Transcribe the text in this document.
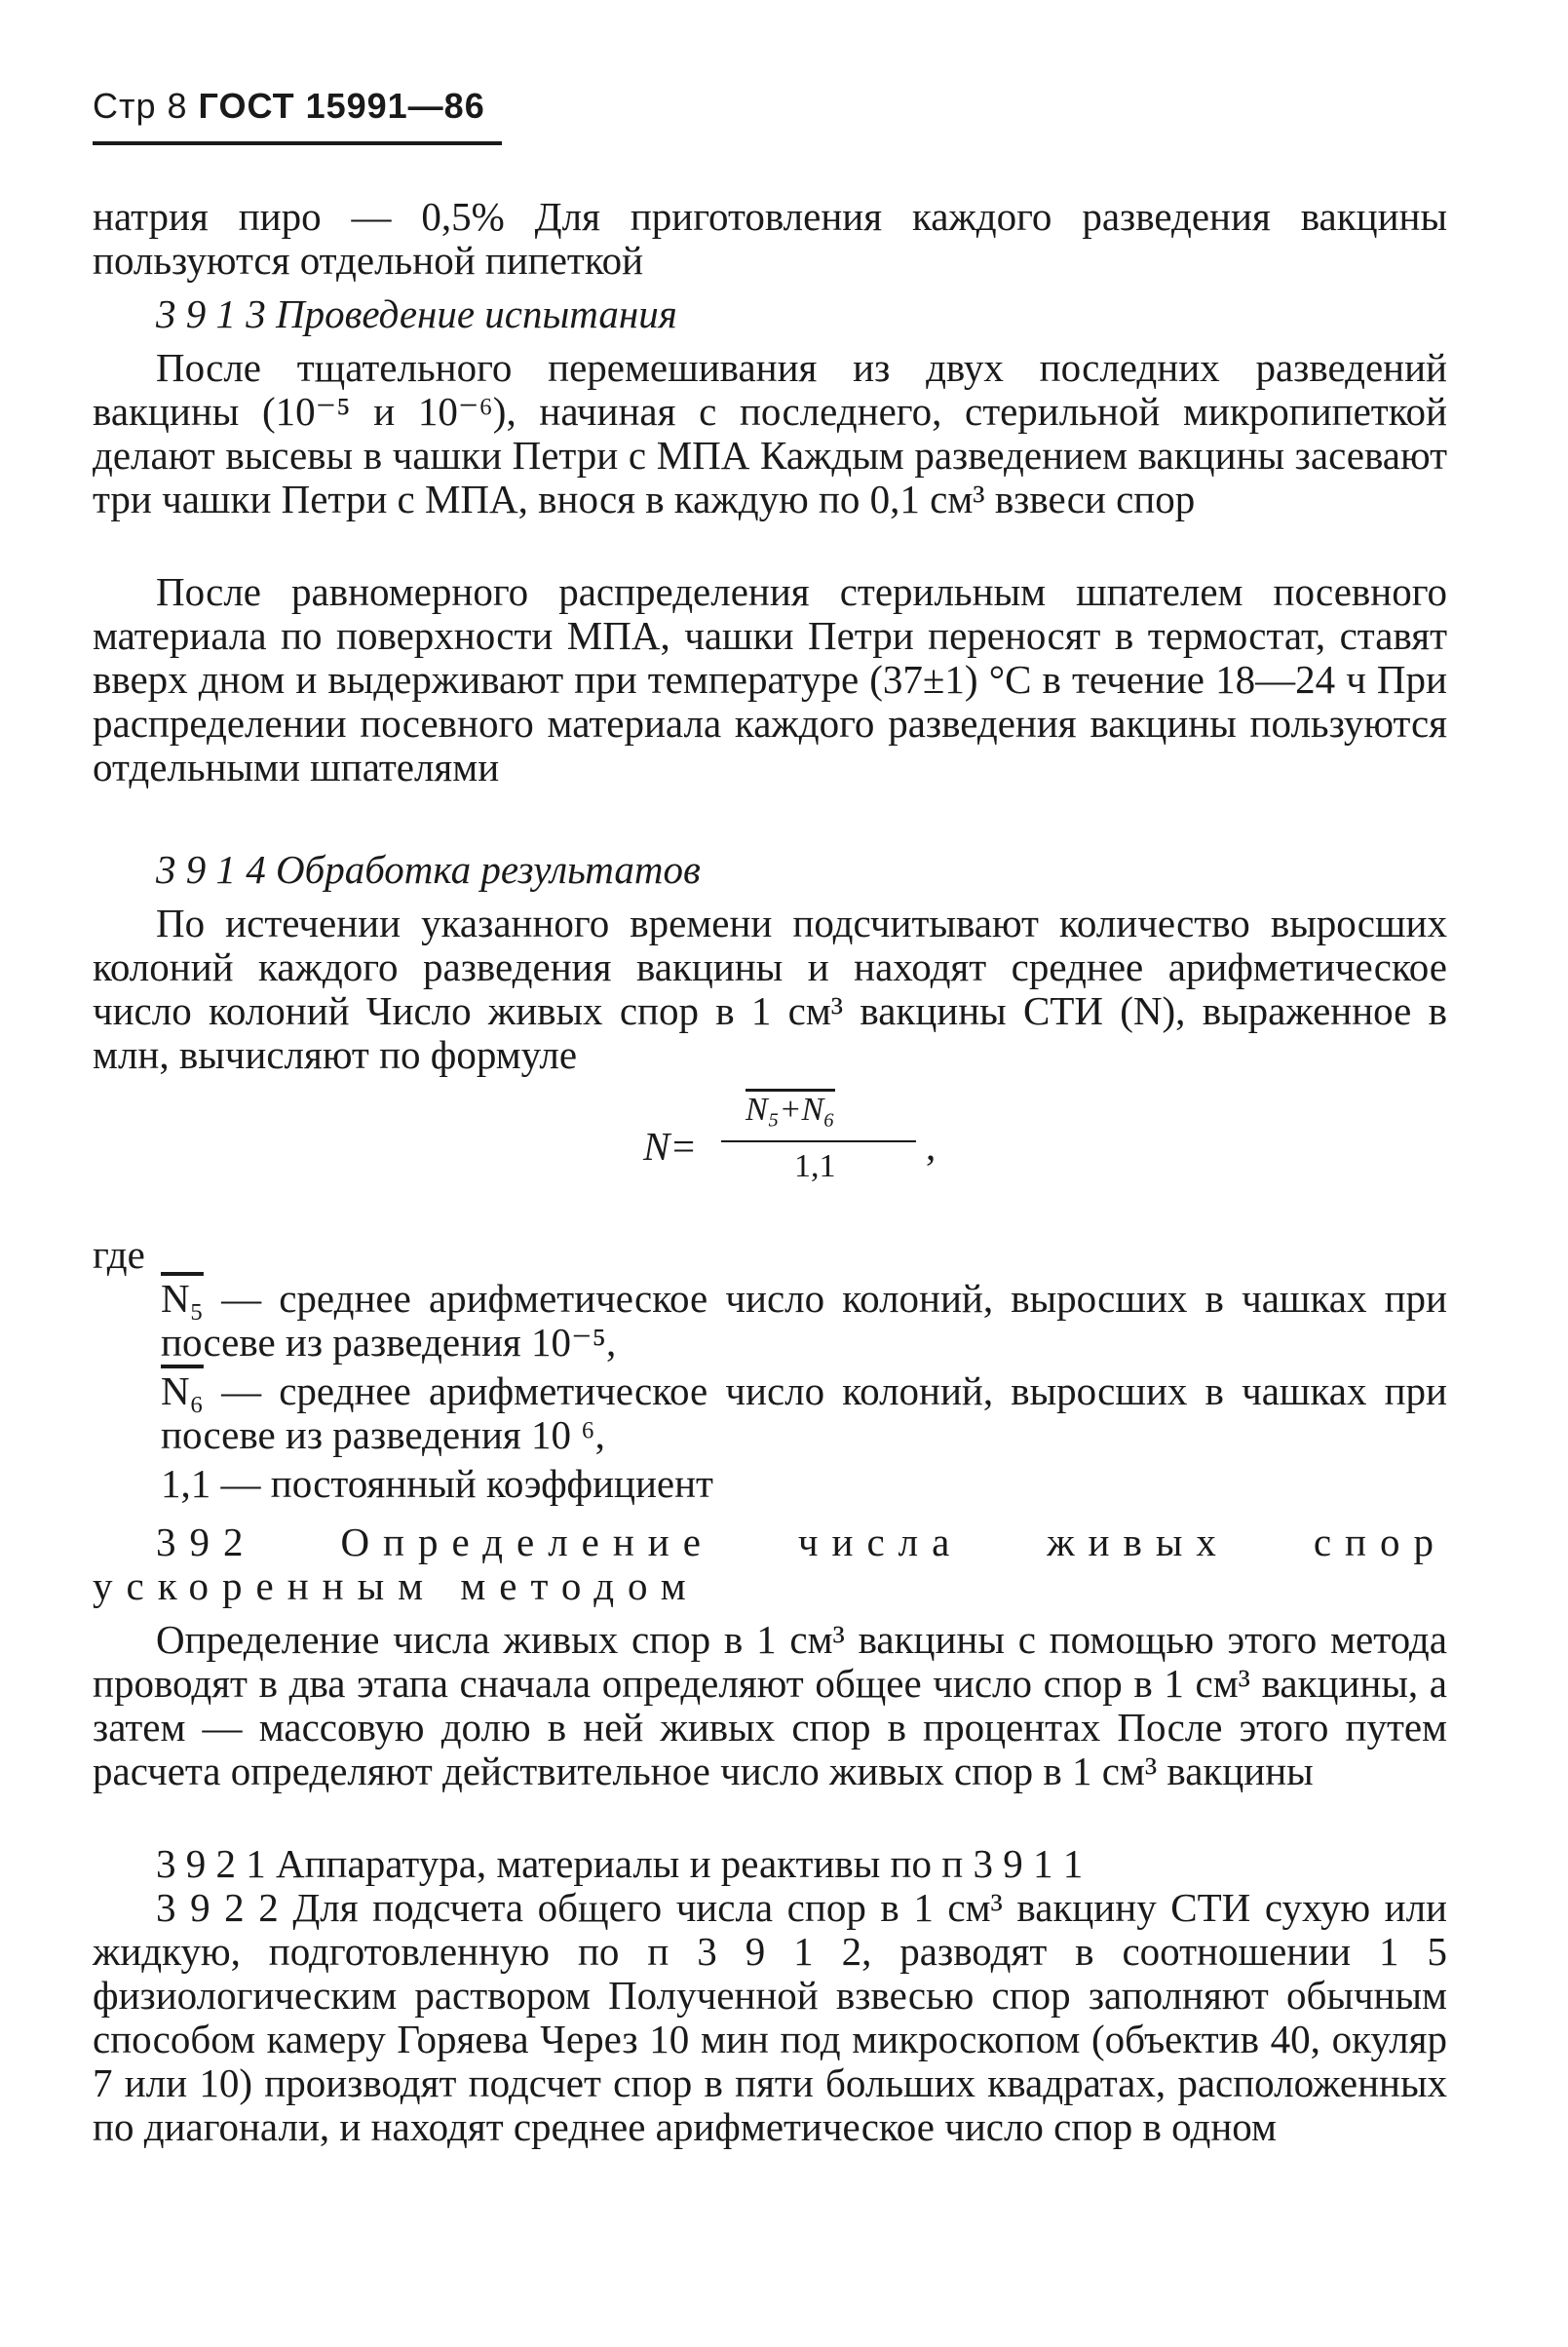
Стр 8 ГОСТ 15991—86

натрия пиро — 0,5% Для приготовления каждого разведения вакцины пользуются отдельной пипеткой

3 9 1 3 Проведение испытания

После тщательного перемешивания из двух последних разведений вакцины (10⁻⁵ и 10⁻⁶), начиная с последнего, стерильной микропипеткой делают высевы в чашки Петри с МПА Каждым разведением вакцины засевают три чашки Петри с МПА, внося в каждую по 0,1 см³ взвеси спор

После равномерного распределения стерильным шпателем посевного материала по поверхности МПА, чашки Петри переносят в термостат, ставят вверх дном и выдерживают при температуре (37±1) °С в течение 18—24 ч При распределении посевного материала каждого разведения вакцины пользуются отдельными шпателями

3 9 1 4 Обработка результатов

По истечении указанного времени подсчитывают количество выросших колоний каждого разведения вакцины и находят среднее арифметическое число колоний Число живых спор в 1 см³ вакцины СТИ (N), выраженное в млн, вычисляют по формуле

N=
N₅+N₆
1,1 ,

где

N₅ — среднее арифметическое число колоний, выросших в чашках при посеве из разведения 10⁻⁵,
N₆ — среднее арифметическое число колоний, выросших в чашках при посеве из разведения 10 ⁶,
1,1 — постоянный коэффициент

392 Определение числа живых спор ускоренным методом

Определение числа живых спор в 1 см³ вакцины с помощью этого метода проводят в два этапа сначала определяют общее число спор в 1 см³ вакцины, а затем — массовую долю в ней живых спор в процентах После этого путем расчета определяют действительное число живых спор в 1 см³ вакцины

3 9 2 1 Аппаратура, материалы и реактивы по п 3 9 1 1

3 9 2 2 Для подсчета общего числа спор в 1 см³ вакцину СТИ сухую или жидкую, подготовленную по п 3 9 1 2, разводят в соотношении 1 5 физиологическим раствором Полученной взвесью спор заполняют обычным способом камеру Горяева Через 10 мин под микроскопом (объектив 40, окуляр 7 или 10) производят подсчет спор в пяти больших квадратах, расположенных по диагонали, и находят среднее арифметическое число спор в одном
